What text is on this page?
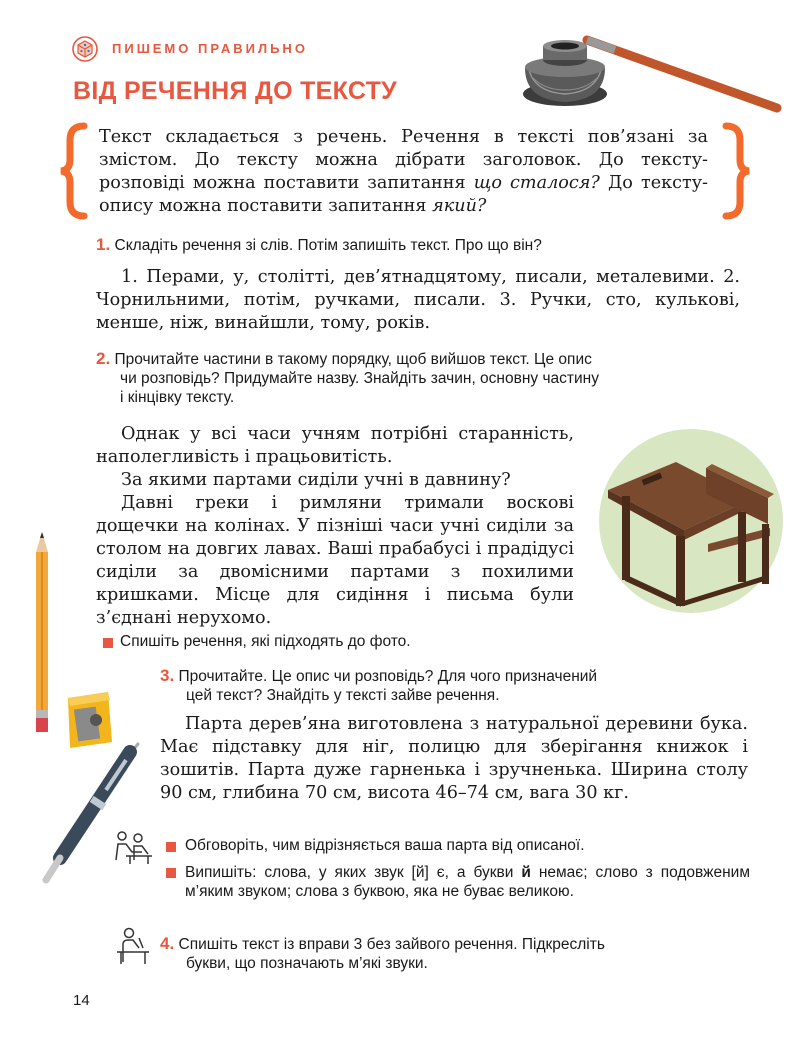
ПИШЕМО ПРАВИЛЬНО
ВІД РЕЧЕННЯ ДО ТЕКСТУ
Текст складається з речень. Речення в тексті пов’язані за змістом. До тексту можна дібрати заголовок. До тексту-розповіді можна поставити запитання що сталося? До тексту-опису можна поставити запитання який?
1. Складіть речення зі слів. Потім запишіть текст. Про що він?
1. Перами, у, столітті, дев’ятнадцятому, писали, металевими. 2. Чорнильними, потім, ручками, писали. 3. Ручки, сто, кулькові, менше, ніж, винайшли, тому, років.
2. Прочитайте частини в такому порядку, щоб вийшов текст. Це опис
чи розповідь? Придумайте назву. Знайдіть зачин, основну частину
і кінцівку тексту.
Однак у всі часи учням потрібні старанність, наполегливість і працьовитість.
За якими партами сиділи учні в давнину?
Давні греки і римляни тримали воскові дощечки на колінах. У пізніші часи учні сиділи за столом на довгих лавах. Ваші прабабусі і прадідусі сиділи за двомісними партами з похилими кришками. Місце для сидіння і письма були з’єднані нерухомо.
Спишіть речення, які підходять до фото.
3. Прочитайте. Це опис чи розповідь? Для чого призначений
цей текст? Знайдіть у тексті зайве речення.
Парта дерев’яна виготовлена з натуральної деревини бука. Має підставку для ніг, полицю для зберігання книжок і зошитів. Парта дуже гарненька і зручненька. Ширина столу 90 см, глибина 70 см, висота 46–74 см, вага 30 кг.
Обговоріть, чим відрізняється ваша парта від описаної.
Випишіть: слова, у яких звук [й] є, а букви й немає; слово з подовженим м’яким звуком; слова з буквою, яка не буває великою.
4. Спишіть текст із вправи 3 без зайвого речення. Підкресліть
букви, що позначають м’які звуки.
14
